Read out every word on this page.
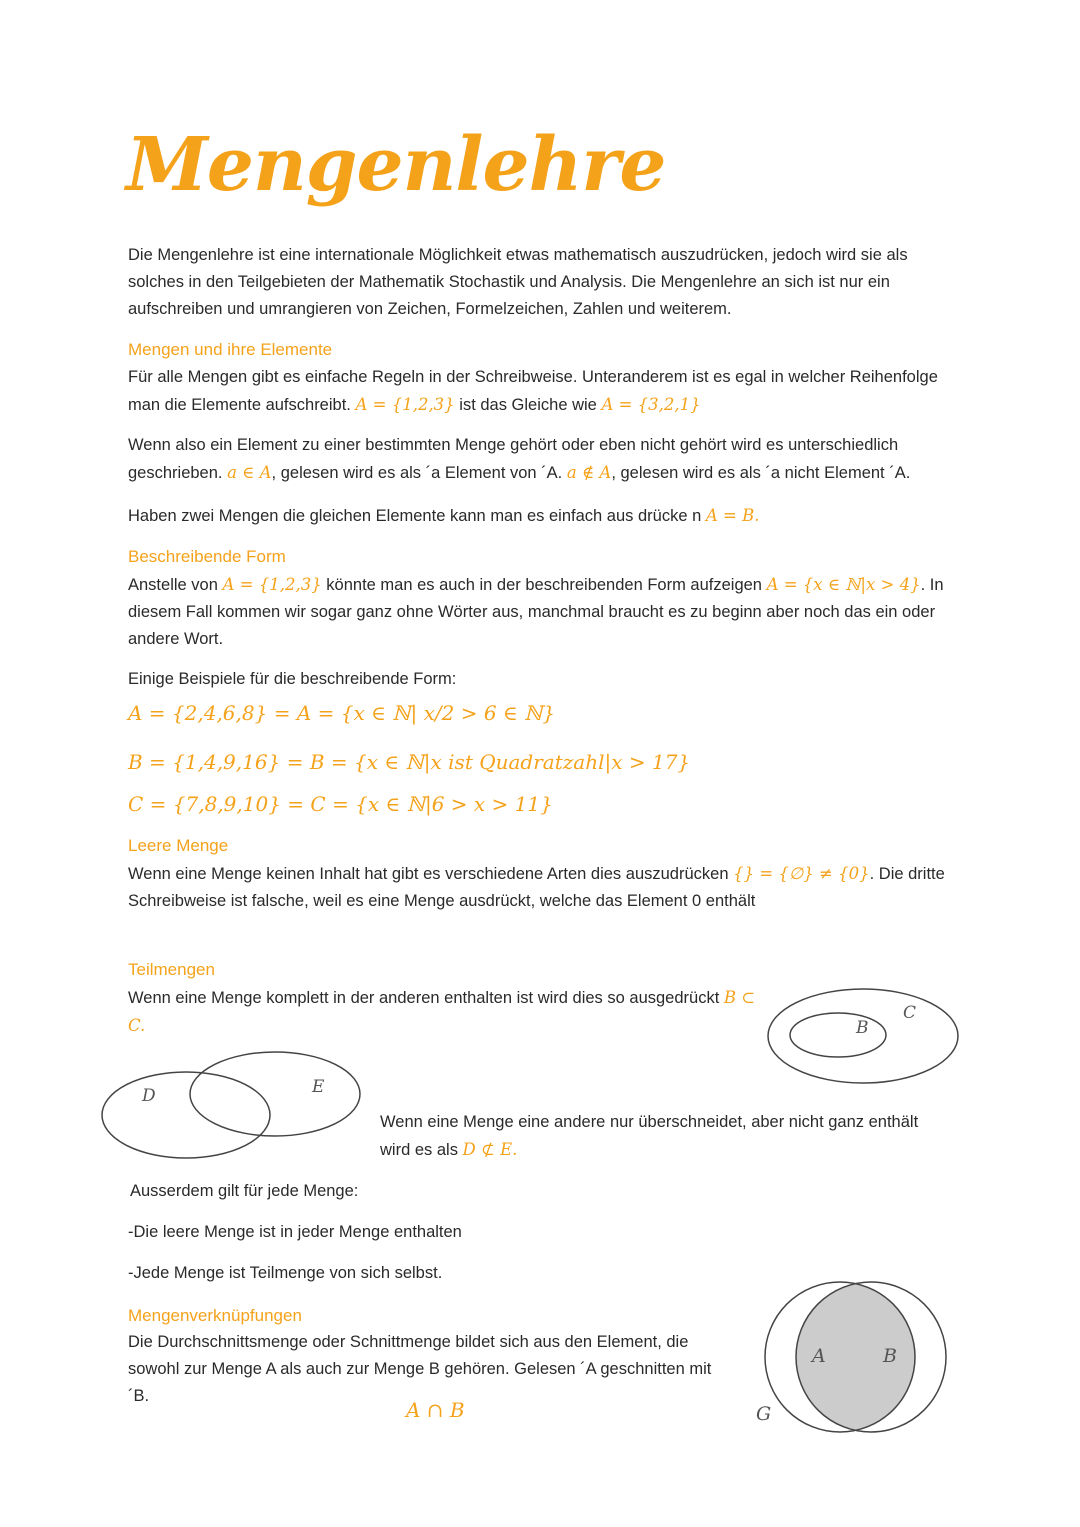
Mengenlehre
Die Mengenlehre ist eine internationale Möglichkeit etwas mathematisch auszudrücken, jedoch wird sie als solches in den Teilgebieten der Mathematik Stochastik und Analysis. Die Mengenlehre an sich ist nur ein aufschreiben und umrangieren von Zeichen, Formelzeichen, Zahlen und weiterem.
Mengen und ihre Elemente
Für alle Mengen gibt es einfache Regeln in der Schreibweise. Unteranderem ist es egal in welcher Reihenfolge man die Elemente aufschreibt. A = {1,2,3} ist das Gleiche wie A = {3,2,1}
Wenn also ein Element zu einer bestimmten Menge gehört oder eben nicht gehört wird es unterschiedlich geschrieben. a ∈ A, gelesen wird es als ´a Element von ´A. a ∉ A, gelesen wird es als ´a nicht Element ´A.
Haben zwei Mengen die gleichen Elemente kann man es einfach aus drücke n A = B.
Beschreibende Form
Anstelle von A = {1,2,3} könnte man es auch in der beschreibenden Form aufzeigen A = {x ∈ ℕ|x > 4}. In diesem Fall kommen wir sogar ganz ohne Wörter aus, manchmal braucht es zu beginn aber noch das ein oder andere Wort.
Einige Beispiele für die beschreibende Form:
A = {2,4,6,8} = A = {x ∈ ℕ| x/2 > 6 ∈ ℕ}
B = {1,4,9,16} = B = {x ∈ ℕ|x ist Quadratzahl|x > 17}
C = {7,8,9,10} = C = {x ∈ ℕ|6 > x > 11}
Leere Menge
Wenn eine Menge keinen Inhalt hat gibt es verschiedene Arten dies auszudrücken {} = {∅} ≠ {0}. Die dritte Schreibweise ist falsche, weil es eine Menge ausdrückt, welche das Element 0 enthält
Teilmengen
Wenn eine Menge komplett in der anderen enthalten ist wird dies so ausgedrückt B ⊂ C.	B
C
D	E
Wenn eine Menge eine andere nur überschneidet, aber nicht ganz enthält wird es als D ⊄ E.
Ausserdem gilt für jede Menge:
-Die leere Menge ist in jeder Menge enthalten
-Jede Menge ist Teilmenge von sich selbst.
Mengenverknüpfungen
Die Durchschnittsmenge oder Schnittmenge bildet sich aus den Element, die sowohl zur Menge A als auch zur Menge B gehören. Gelesen ´A geschnitten mit ´B.
A ∩ B
A	B
G
